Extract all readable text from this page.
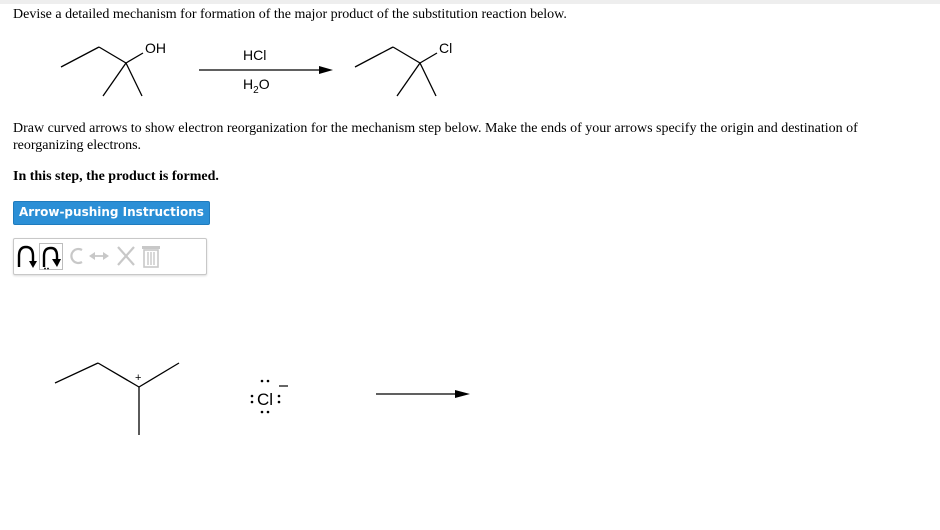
Devise a detailed mechanism for formation of the major product of the substitution reaction below.
OH	HCl
$H_2O$
Cl
Draw curved arrows to show electron reorganization for the mechanism step below. Make the ends of your arrows specify the origin and destination of reorganizing electrons.
In this step, the product is formed.
Arrow-pushing Instructions
+
Cl
